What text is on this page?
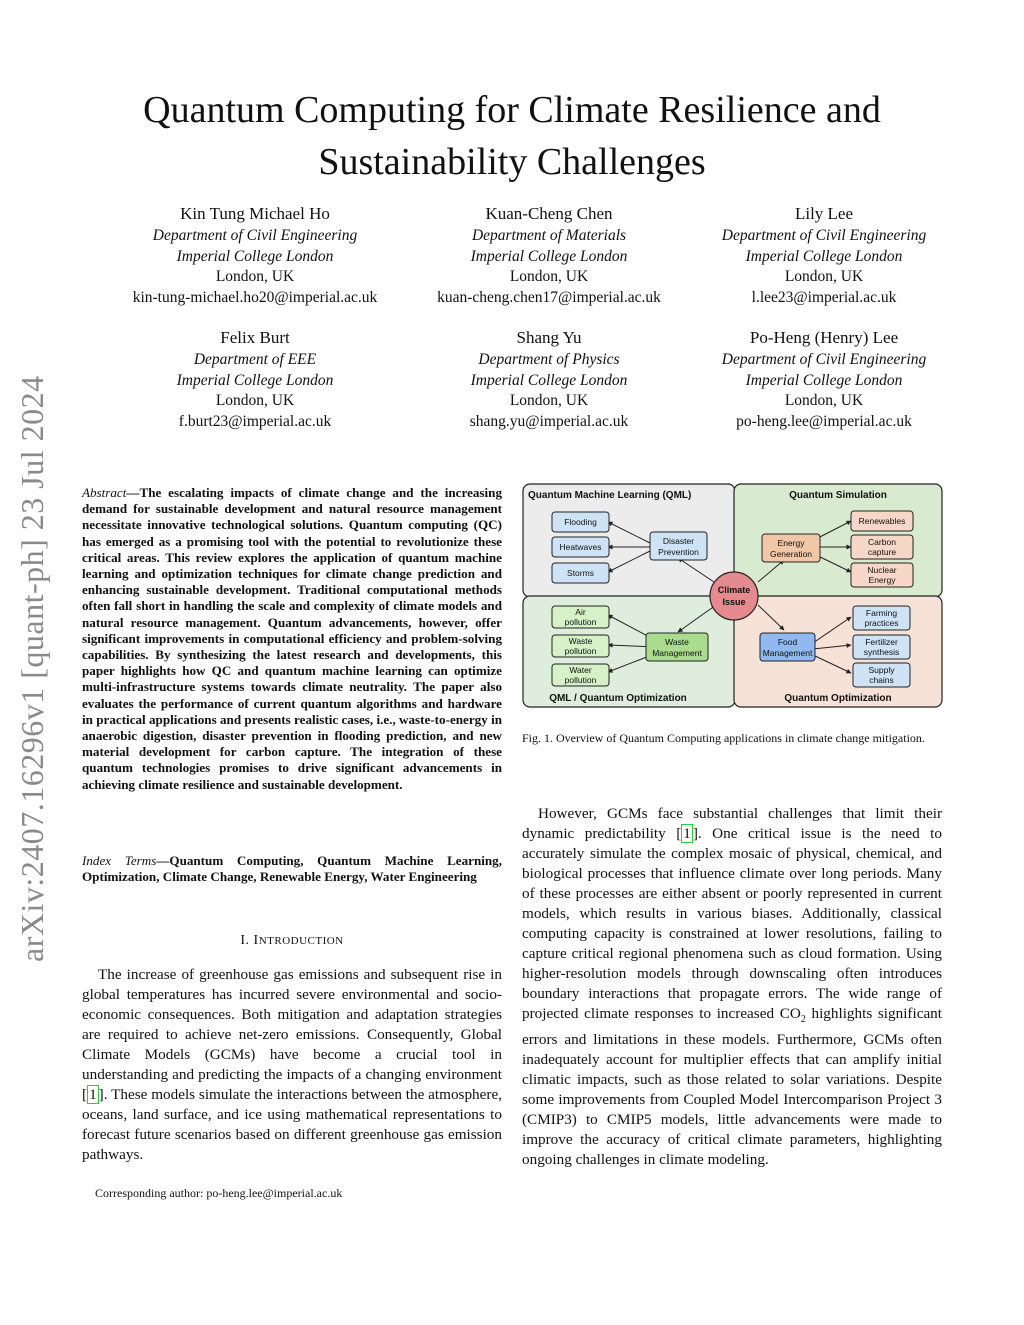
arXiv:2407.16296v1 [quant-ph] 23 Jul 2024
Quantum Computing for Climate Resilience and Sustainability Challenges
Kin Tung Michael Ho
Department of Civil Engineering
Imperial College London
London, UK
kin-tung-michael.ho20@imperial.ac.uk
Kuan-Cheng Chen
Department of Materials
Imperial College London
London, UK
kuan-cheng.chen17@imperial.ac.uk
Lily Lee
Department of Civil Engineering
Imperial College London
London, UK
l.lee23@imperial.ac.uk
Felix Burt
Department of EEE
Imperial College London
London, UK
f.burt23@imperial.ac.uk
Shang Yu
Department of Physics
Imperial College London
London, UK
shang.yu@imperial.ac.uk
Po-Heng (Henry) Lee
Department of Civil Engineering
Imperial College London
London, UK
po-heng.lee@imperial.ac.uk
Abstract—The escalating impacts of climate change and the increasing demand for sustainable development and natural resource management necessitate innovative technological solutions. Quantum computing (QC) has emerged as a promising tool with the potential to revolutionize these critical areas. This review explores the application of quantum machine learning and optimization techniques for climate change prediction and enhancing sustainable development. Traditional computational methods often fall short in handling the scale and complexity of climate models and natural resource management. Quantum advancements, however, offer significant improvements in computational efficiency and problem-solving capabilities. By synthesizing the latest research and developments, this paper highlights how QC and quantum machine learning can optimize multi-infrastructure systems towards climate neutrality. The paper also evaluates the performance of current quantum algorithms and hardware in practical applications and presents realistic cases, i.e., waste-to-energy in anaerobic digestion, disaster prevention in flooding prediction, and new material development for carbon capture. The integration of these quantum technologies promises to drive significant advancements in achieving climate resilience and sustainable development.
Index Terms—Quantum Computing, Quantum Machine Learning, Optimization, Climate Change, Renewable Energy, Water Engineering
I. INTRODUCTION
The increase of greenhouse gas emissions and subsequent rise in global temperatures has incurred severe environmental and socio-economic consequences. Both mitigation and adaptation strategies are required to achieve net-zero emissions. Consequently, Global Climate Models (GCMs) have become a crucial tool in understanding and predicting the impacts of a changing environment [ 1 ]. These models simulate the interactions between the atmosphere, oceans, land surface, and ice using mathematical representations to forecast future scenarios based on different greenhouse gas emission pathways.
Corresponding author: po-heng.lee@imperial.ac.uk
Quantum Machine Learning (QML)	Quantum Simulation
QML / Quantum Optimization	Quantum Optimization
Flooding
Heatwaves
Storms
Disaster
Prevention
Energy
Generation
Renewables
Carbon
capture
Nuclear
Energy
Air
pollution
Waste
pollution
Water
pollution
Waste
Management
Food
Management
Farming
practices
Fertilizer
synthesis
Supply
chains
Climate
Issue
Fig. 1. Overview of Quantum Computing applications in climate change mitigation.
However, GCMs face substantial challenges that limit their dynamic predictability [ 1 ]. One critical issue is the need to accurately simulate the complex mosaic of physical, chemical, and biological processes that influence climate over long periods. Many of these processes are either absent or poorly represented in current models, which results in various biases. Additionally, classical computing capacity is constrained at lower resolutions, failing to capture critical regional phenomena such as cloud formation. Using higher-resolution models through downscaling often introduces boundary interactions that propagate errors. The wide range of projected climate responses to increased $CO_2$ highlights significant errors and limitations in these models. Furthermore, GCMs often inadequately account for multiplier effects that can amplify initial climatic impacts, such as those related to solar variations. Despite some improvements from Coupled Model Intercomparison Project 3 (CMIP3) to CMIP5 models, little advancements were made to improve the accuracy of critical climate parameters, highlighting ongoing challenges in climate modeling.
